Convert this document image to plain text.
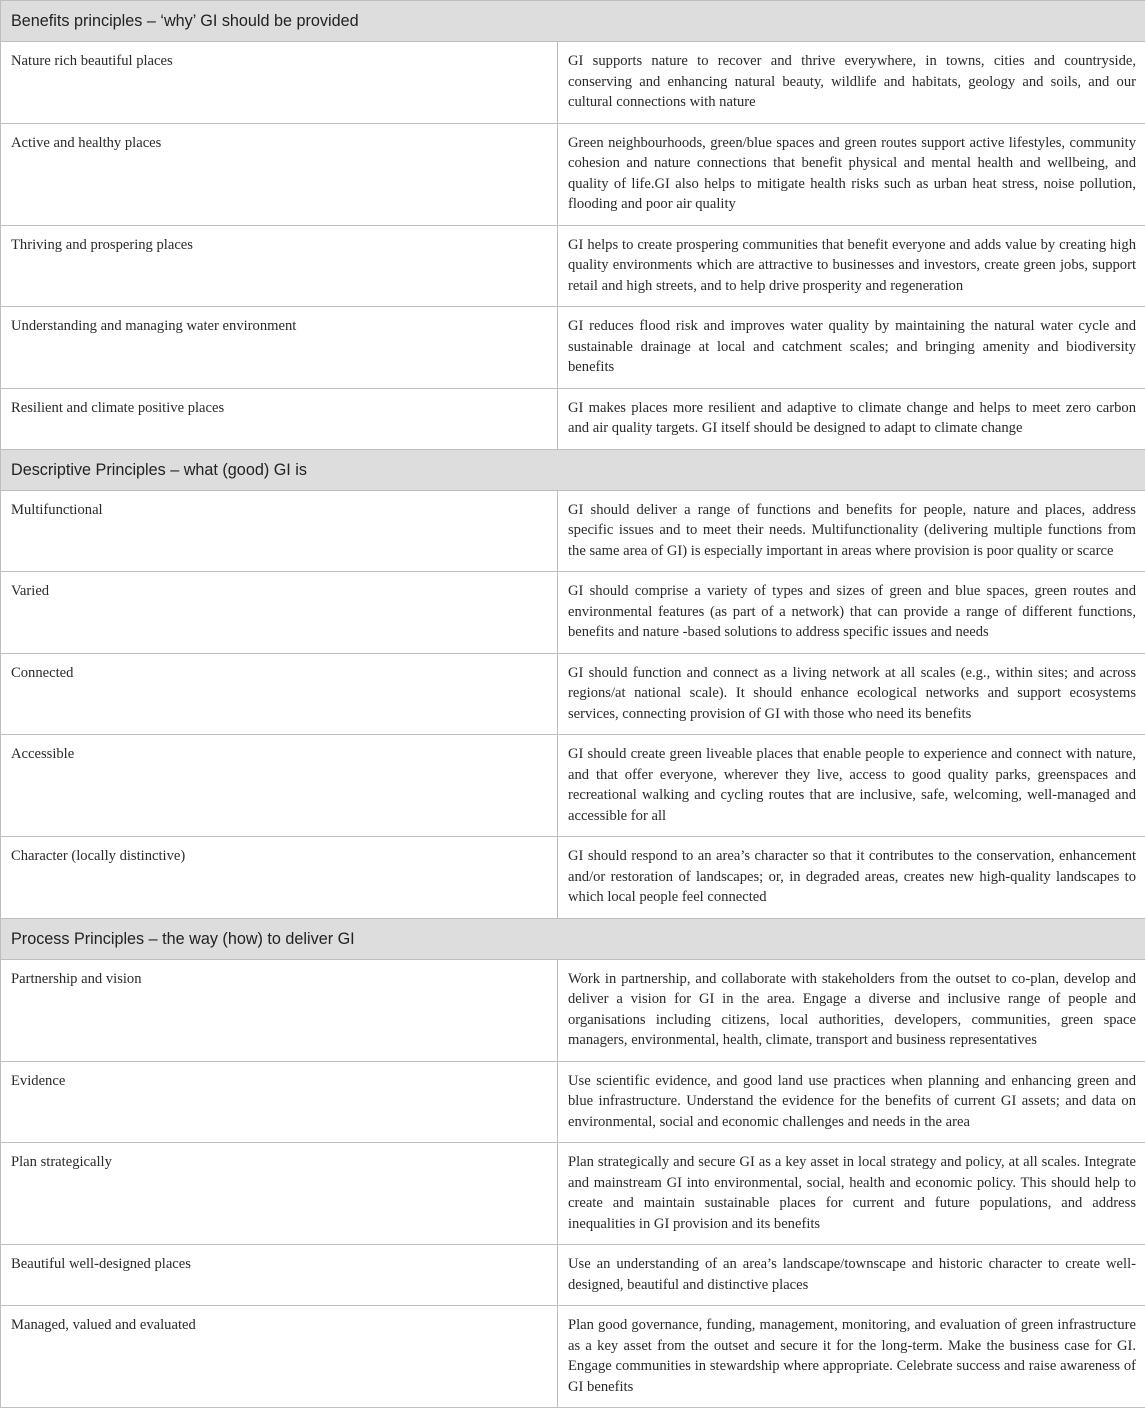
Benefits principles – ‘why’ GI should be provided	
Nature rich beautiful places	GI supports nature to recover and thrive everywhere, in towns, cities and countryside, conserving and enhancing natural beauty, wildlife and habitats, geology and soils, and our cultural connections with nature
Active and healthy places	Green neighbourhoods, green/blue spaces and green routes support active lifestyles, community cohesion and nature connections that benefit physical and mental health and wellbeing, and quality of life.GI also helps to mitigate health risks such as urban heat stress, noise pollution, flooding and poor air quality
Thriving and prospering places	GI helps to create prospering communities that benefit everyone and adds value by creating high quality environments which are attractive to businesses and investors, create green jobs, support retail and high streets, and to help drive prosperity and regeneration
Understanding and managing water environment	GI reduces flood risk and improves water quality by maintaining the natural water cycle and sustainable drainage at local and catchment scales; and bringing amenity and biodiversity benefits
Resilient and climate positive places	GI makes places more resilient and adaptive to climate change and helps to meet zero carbon and air quality targets. GI itself should be designed to adapt to climate change
Descriptive Principles – what (good) GI is	
Multifunctional	GI should deliver a range of functions and benefits for people, nature and places, address specific issues and to meet their needs. Multifunctionality (delivering multiple functions from the same area of GI) is especially important in areas where provision is poor quality or scarce
Varied	GI should comprise a variety of types and sizes of green and blue spaces, green routes and environmental features (as part of a network) that can provide a range of different functions, benefits and nature -based solutions to address specific issues and needs
Connected	GI should function and connect as a living network at all scales (e.g., within sites; and across regions/at national scale). It should enhance ecological networks and support ecosystems services, connecting provision of GI with those who need its benefits
Accessible	GI should create green liveable places that enable people to experience and connect with nature, and that offer everyone, wherever they live, access to good quality parks, greenspaces and recreational walking and cycling routes that are inclusive, safe, welcoming, well-managed and accessible for all
Character (locally distinctive)	GI should respond to an area’s character so that it contributes to the conservation, enhancement and/or restoration of landscapes; or, in degraded areas, creates new high-quality landscapes to which local people feel connected
Process Principles – the way (how) to deliver GI	
Partnership and vision	Work in partnership, and collaborate with stakeholders from the outset to co-plan, develop and deliver a vision for GI in the area. Engage a diverse and inclusive range of people and organisations including citizens, local authorities, developers, communities, green space managers, environmental, health, climate, transport and business representatives
Evidence	Use scientific evidence, and good land use practices when planning and enhancing green and blue infrastructure. Understand the evidence for the benefits of current GI assets; and data on environmental, social and economic challenges and needs in the area
Plan strategically	Plan strategically and secure GI as a key asset in local strategy and policy, at all scales. Integrate and mainstream GI into environmental, social, health and economic policy. This should help to create and maintain sustainable places for current and future populations, and address inequalities in GI provision and its benefits
Beautiful well-designed places	Use an understanding of an area’s landscape/townscape and historic character to create well-designed, beautiful and distinctive places
Managed, valued and evaluated	Plan good governance, funding, management, monitoring, and evaluation of green infrastructure as a key asset from the outset and secure it for the long-term. Make the business case for GI. Engage communities in stewardship where appropriate. Celebrate success and raise awareness of GI benefits
